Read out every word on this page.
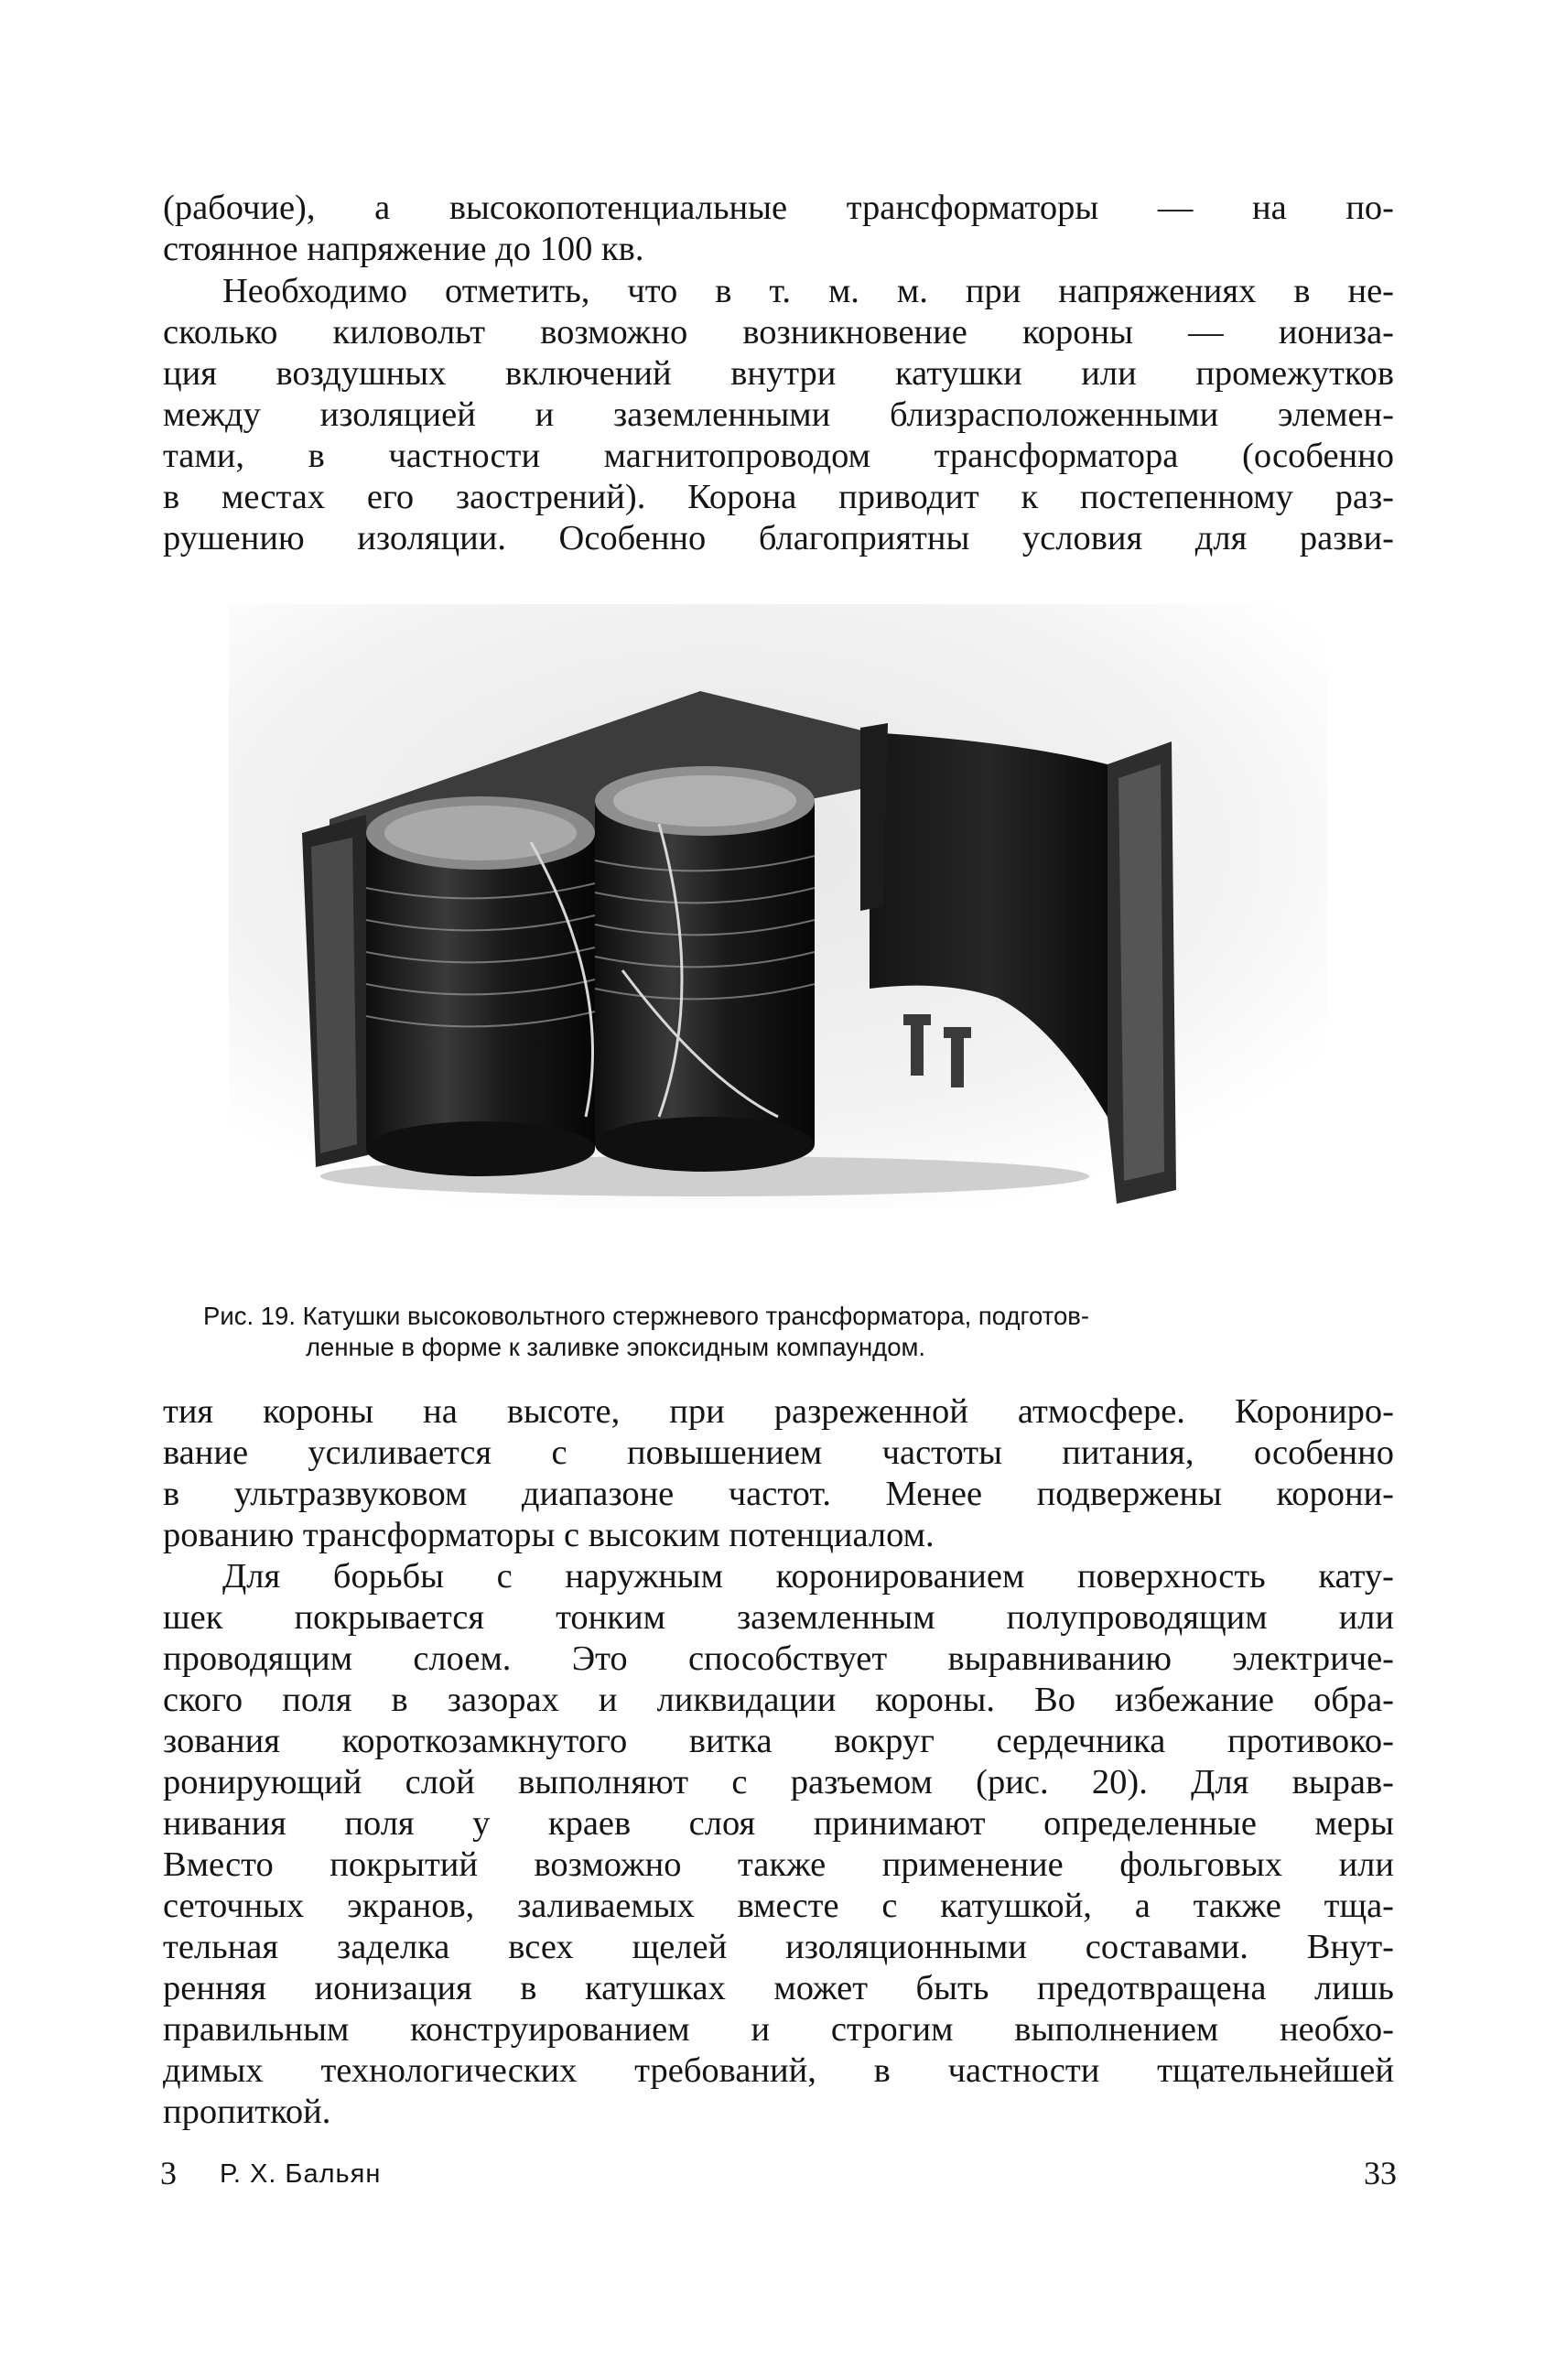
(рабочие), а высокопотенциальные трансформаторы — на по-
стоянное напряжение до 100 кв.
Необходимо отметить, что в т. м. м. при напряжениях в не-
сколько киловольт возможно возникновение короны — иониза-
ция воздушных включений внутри катушки или промежутков
между изоляцией и заземленными близрасположенными элемен-
тами, в частности магнитопроводом трансформатора (особенно
в местах его заострений). Корона приводит к постепенному раз-
рушению изоляции. Особенно благоприятны условия для разви-
Рис. 19. Катушки высоковольтного стержневого трансформатора, подготов-
ленные в форме к заливке эпоксидным компаундом.
тия короны на высоте, при разреженной атмосфере. Корониро-
вание усиливается с повышением частоты питания, особенно
в ультразвуковом диапазоне частот. Менее подвержены корони-
рованию трансформаторы с высоким потенциалом.
Для борьбы с наружным коронированием поверхность кату-
шек покрывается тонким заземленным полупроводящим или
проводящим слоем. Это способствует выравниванию электриче-
ского поля в зазорах и ликвидации короны. Во избежание обра-
зования короткозамкнутого витка вокруг сердечника противоко-
ронирующий слой выполняют с разъемом (рис. 20). Для вырав-
нивания поля у краев слоя принимают определенные меры
Вместо покрытий возможно также применение фольговых или
сеточных экранов, заливаемых вместе с катушкой, а также тща-
тельная заделка всех щелей изоляционными составами. Внут-
ренняя ионизация в катушках может быть предотвращена лишь
правильным конструированием и строгим выполнением необхо-
димых технологических требований, в частности тщательнейшей
пропиткой.
3 Р. Х. Бальян	33
